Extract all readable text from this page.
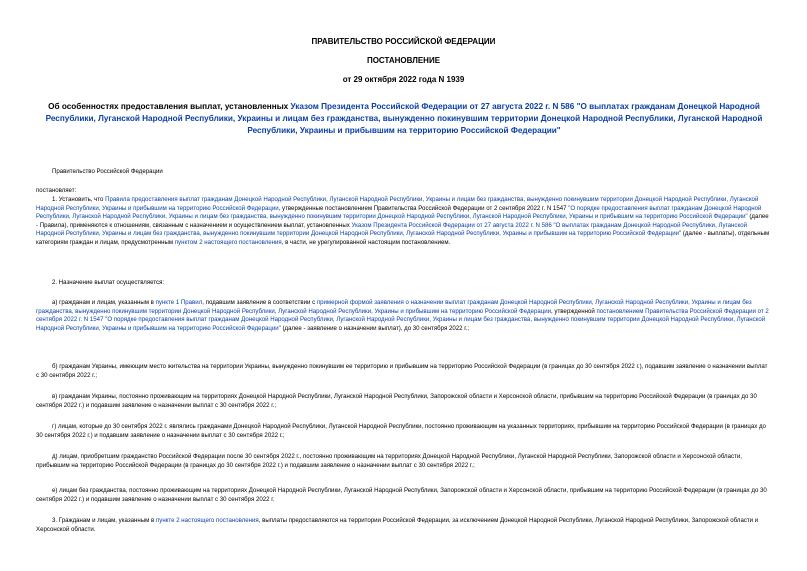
ПРАВИТЕЛЬСТВО РОССИЙСКОЙ ФЕДЕРАЦИИ
ПОСТАНОВЛЕНИЕ
от 29 октября 2022 года N 1939
Об особенностях предоставления выплат, установленных Указом Президента Российской Федерации от 27 августа 2022 г. N 586 "О выплатах гражданам Донецкой Народной Республики, Луганской Народной Республики, Украины и лицам без гражданства, вынужденно покинувшим территории Донецкой Народной Республики, Луганской Народной Республики, Украины и прибывшим на территорию Российской Федерации"
Правительство Российской Федерации
постановляет:
1. Установить, что Правила предоставления выплат гражданам Донецкой Народной Республики, Луганской Народной Республики, Украины и лицам без гражданства, вынужденно покинувшим территории Донецкой Народной Республики, Луганской Народной Республики, Украины и прибывшим на территорию Российской Федерации, утвержденные постановлением Правительства Российской Федерации от 2 сентября 2022 г. N 1547 "О порядке предоставления выплат гражданам Донецкой Народной Республики, Луганской Народной Республики, Украины и лицам без гражданства, вынужденно покинувшим территории Донецкой Народной Республики, Луганской Народной Республики, Украины и прибывшим на территорию Российской Федерации" (далее - Правила), применяются к отношениям, связанным с назначением и осуществлением выплат, установленных Указом Президента Российской Федерации от 27 августа 2022 г. N 586 "О выплатах гражданам Донецкой Народной Республики, Луганской Народной Республики, Украины и лицам без гражданства, вынужденно покинувшим территории Донецкой Народной Республики, Луганской Народной Республики, Украины и прибывшим на территорию Российской Федерации" (далее - выплаты), отдельным категориям граждан и лицам, предусмотренным пунктом 2 настоящего постановления, в части, не урегулированной настоящим постановлением.
2. Назначение выплат осуществляется:
а) гражданам и лицам, указанным в пункте 1 Правил, подавшим заявление в соответствии с примерной формой заявления о назначении выплат гражданам Донецкой Народной Республики, Луганской Народной Республики, Украины и лицам без гражданства, вынужденно покинувшим территории Донецкой Народной Республики, Луганской Народной Республики, Украины и прибывшим на территорию Российской Федерации, утвержденной постановлением Правительства Российской Федерации от 2 сентября 2022 г. N 1547 "О порядке предоставления выплат гражданам Донецкой Народной Республики, Луганской Народной Республики, Украины и лицам без гражданства, вынужденно покинувшим территории Донецкой Народной Республики, Луганской Народной Республики, Украины и прибывшим на территорию Российской Федерации" (далее - заявление о назначении выплат), до 30 сентября 2022 г.;
б) гражданам Украины, имеющим место жительства на территории Украины, вынужденно покинувшим ее территорию и прибывшим на территорию Российской Федерации (в границах до 30 сентября 2022 г.), подавшим заявление о назначении выплат с 30 сентября 2022 г.;
в) гражданам Украины, постоянно проживающим на территориях Донецкой Народной Республики, Луганской Народной Республики, Запорожской области и Херсонской области, прибывшим на территорию Российской Федерации (в границах до 30 сентября 2022 г.) и подавшим заявление о назначении выплат с 30 сентября 2022 г.;
г) лицам, которые до 30 сентября 2022 г. являлись гражданами Донецкой Народной Республики, Луганской Народной Республики, постоянно проживающим на указанных территориях, прибывшим на территорию Российской Федерации (в границах до 30 сентября 2022 г.) и подавшим заявление о назначении выплат с 30 сентября 2022 г.;
д) лицам, приобретшим гражданство Российской Федерации после 30 сентября 2022 г., постоянно проживающим на территориях Донецкой Народной Республики, Луганской Народной Республики, Запорожской области и Херсонской области, прибывшим на территорию Российской Федерации (в границах до 30 сентября 2022 г.) и подавшим заявление о назначении выплат с 30 сентября 2022 г.;
е) лицам без гражданства, постоянно проживающим на территориях Донецкой Народной Республики, Луганской Народной Республики, Запорожской области и Херсонской области, прибывшим на территорию Российской Федерации (в границах до 30 сентября 2022 г.) и подавшим заявление о назначении выплат с 30 сентября 2022 г.
3. Гражданам и лицам, указанным в пункте 2 настоящего постановления, выплаты предоставляются на территории Российской Федерации, за исключением Донецкой Народной Республики, Луганской Народной Республики, Запорожской области и Херсонской области.
